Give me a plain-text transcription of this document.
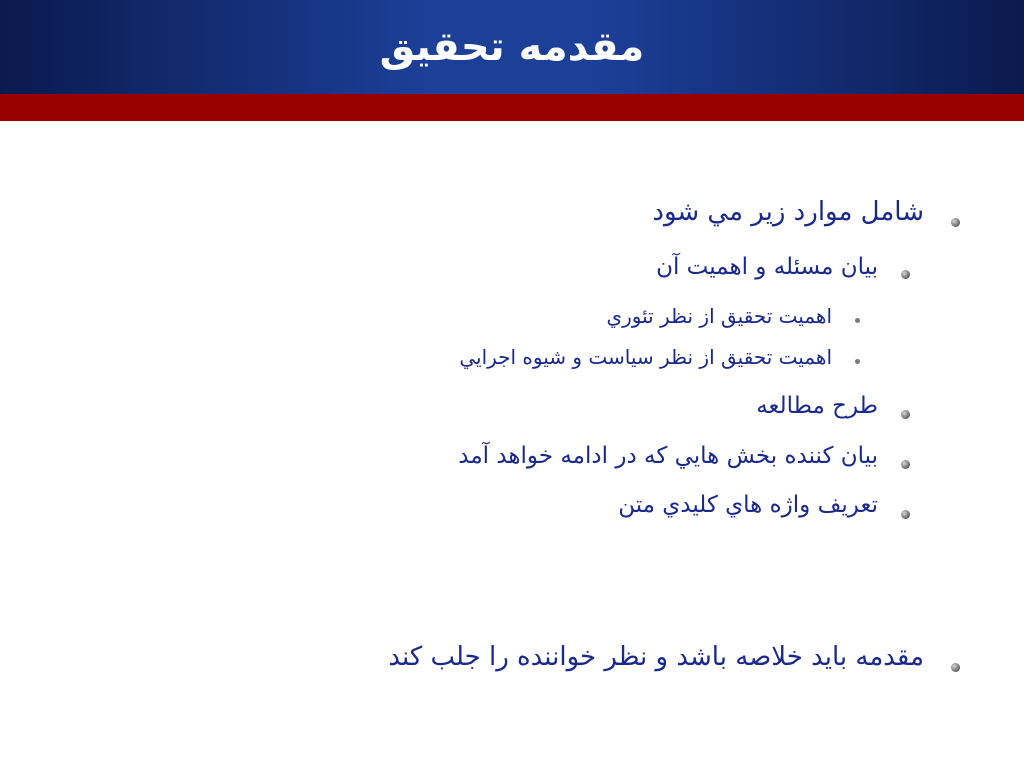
مقدمه تحقيق
شامل موارد زير مي شود
بيان مسئله و اهميت آن
اهميت تحقيق از نظر تئوري
اهميت تحقيق از نظر سياست و شيوه اجرايي
طرح مطالعه
بيان كننده بخش هايي كه در ادامه خواهد آمد
تعريف واژه هاي كليدي متن
مقدمه بايد خلاصه باشد و نظر خواننده را جلب كند
